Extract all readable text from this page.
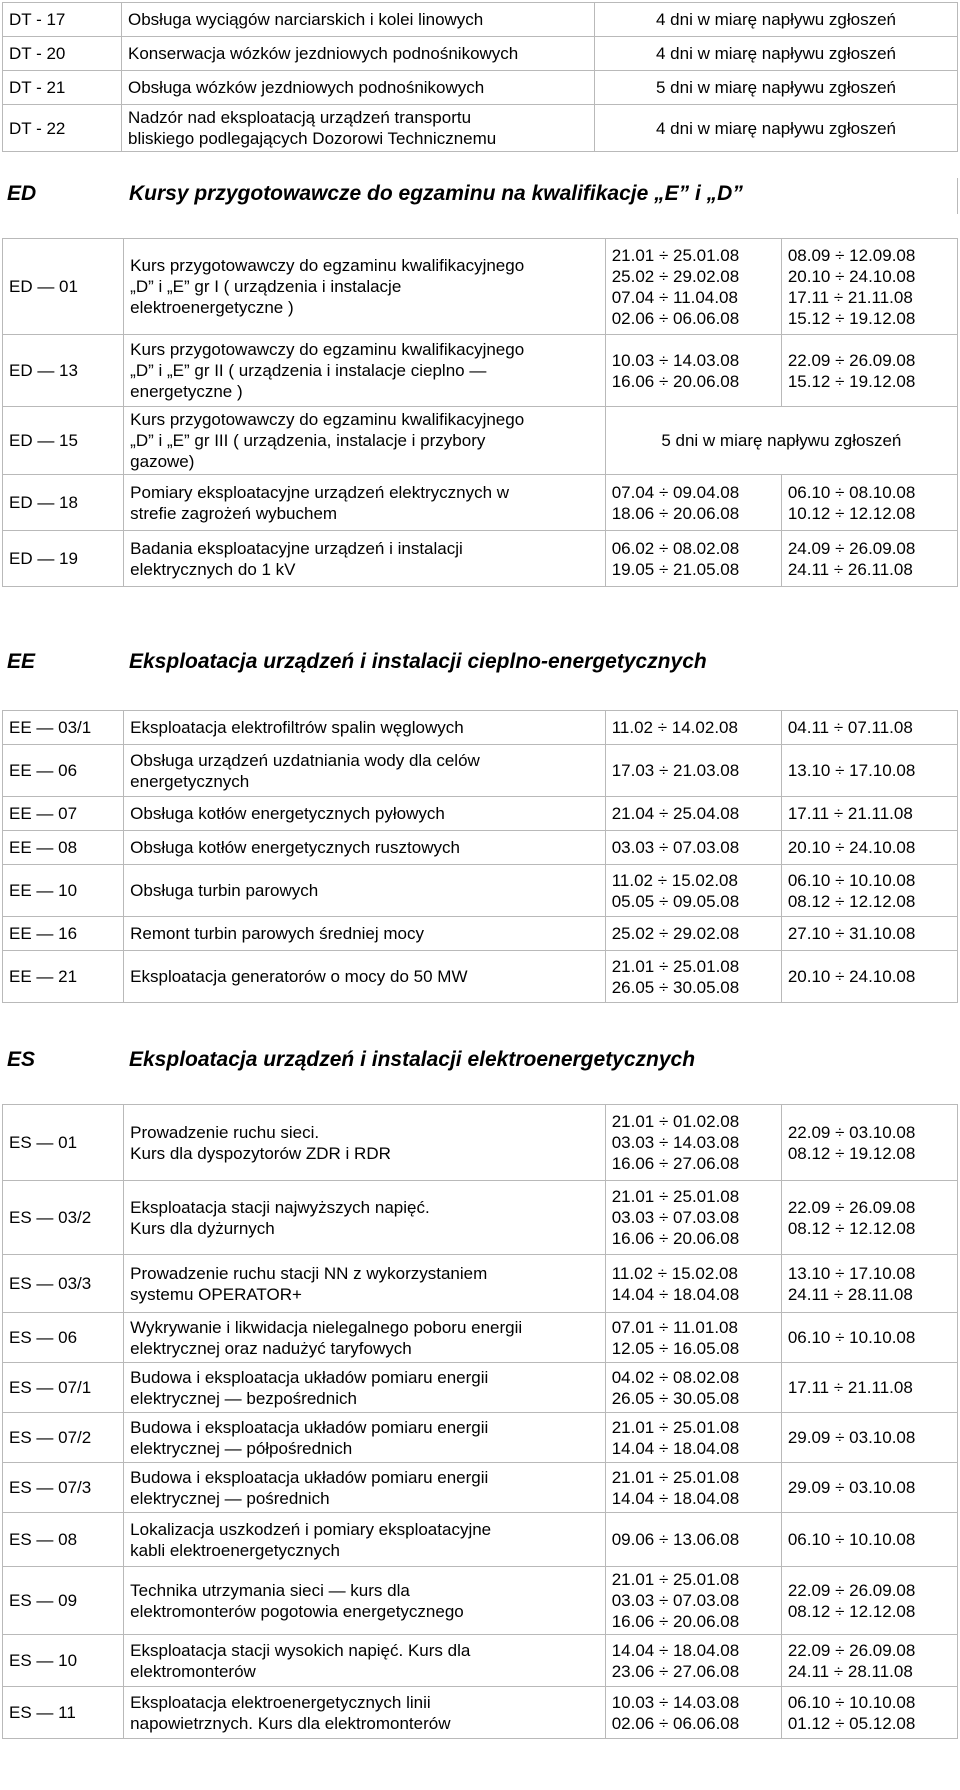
DT - 17	Obsługa wyciągów narciarskich i kolei linowych	4 dni w miarę napływu zgłoszeń
DT - 20	Konserwacja wózków jezdniowych podnośnikowych	4 dni w miarę napływu zgłoszeń
DT - 21	Obsługa wózków jezdniowych podnośnikowych	5 dni w miarę napływu zgłoszeń
DT - 22	Nadzór nad eksploatacją urządzeń transportu
bliskiego podlegających Dozorowi Technicznemu	4 dni w miarę napływu zgłoszeń
ED	Kursy przygotowawcze do egzaminu na kwalifikacje „E” i „D”
ED — 01	Kurs przygotowawczy do egzaminu kwalifikacyjnego
„D” i „E” gr I ( urządzenia i instalacje
elektroenergetyczne )	21.01 ÷ 25.01.08
25.02 ÷ 29.02.08
07.04 ÷ 11.04.08
02.06 ÷ 06.06.08	08.09 ÷ 12.09.08
20.10 ÷ 24.10.08
17.11 ÷ 21.11.08
15.12 ÷ 19.12.08

ED — 13	Kurs przygotowawczy do egzaminu kwalifikacyjnego
„D” i „E” gr II ( urządzenia i instalacje cieplno —
energetyczne )	10.03 ÷ 14.03.08
16.06 ÷ 20.06.08	22.09 ÷ 26.09.08
15.12 ÷ 19.12.08

ED — 15	Kurs przygotowawczy do egzaminu kwalifikacyjnego
„D” i „E” gr III ( urządzenia, instalacje i przybory
gazowe)	5 dni w miarę napływu zgłoszeń	
ED — 18	Pomiary eksploatacyjne urządzeń elektrycznych w
strefie zagrożeń wybuchem	07.04 ÷ 09.04.08
18.06 ÷ 20.06.08	06.10 ÷ 08.10.08
10.12 ÷ 12.12.08

ED — 19	Badania eksploatacyjne urządzeń i instalacji
elektrycznych do 1 kV	06.02 ÷ 08.02.08
19.05 ÷ 21.05.08	24.09 ÷ 26.09.08
24.11 ÷ 26.11.08
EE	Eksploatacja urządzeń i instalacji cieplno-energetycznych
EE — 03/1	Eksploatacja elektrofiltrów spalin węglowych	11.02 ÷ 14.02.08	04.11 ÷ 07.11.08

EE — 06	Obsługa urządzeń uzdatniania wody dla celów
energetycznych	17.03 ÷ 21.03.08	13.10 ÷ 17.10.08

EE — 07	Obsługa kotłów energetycznych pyłowych	21.04 ÷ 25.04.08	17.11 ÷ 21.11.08

EE — 08	Obsługa kotłów energetycznych rusztowych	03.03 ÷ 07.03.08	20.10 ÷ 24.10.08

EE — 10	Obsługa turbin parowych	11.02 ÷ 15.02.08
05.05 ÷ 09.05.08	06.10 ÷ 10.10.08
08.12 ÷ 12.12.08

EE — 16	Remont turbin parowych średniej mocy	25.02 ÷ 29.02.08	27.10 ÷ 31.10.08

EE — 21	Eksploatacja generatorów o mocy do 50 MW	21.01 ÷ 25.01.08
26.05 ÷ 30.05.08	20.10 ÷ 24.10.08
ES	Eksploatacja urządzeń i instalacji elektroenergetycznych
ES — 01	Prowadzenie ruchu sieci.
Kurs dla dyspozytorów ZDR i RDR	21.01 ÷ 01.02.08
03.03 ÷ 14.03.08
16.06 ÷ 27.06.08	22.09 ÷ 03.10.08
08.12 ÷ 19.12.08

ES — 03/2	Eksploatacja stacji najwyższych napięć.
Kurs dla dyżurnych	21.01 ÷ 25.01.08
03.03 ÷ 07.03.08
16.06 ÷ 20.06.08	22.09 ÷ 26.09.08
08.12 ÷ 12.12.08

ES — 03/3	Prowadzenie ruchu stacji NN z wykorzystaniem
systemu OPERATOR+	11.02 ÷ 15.02.08
14.04 ÷ 18.04.08	13.10 ÷ 17.10.08
24.11 ÷ 28.11.08

ES — 06	Wykrywanie i likwidacja nielegalnego poboru energii
elektrycznej oraz nadużyć taryfowych	07.01 ÷ 11.01.08
12.05 ÷ 16.05.08	06.10 ÷ 10.10.08

ES — 07/1	Budowa i eksploatacja układów pomiaru energii
elektrycznej — bezpośrednich	04.02 ÷ 08.02.08
26.05 ÷ 30.05.08	17.11 ÷ 21.11.08

ES — 07/2	Budowa i eksploatacja układów pomiaru energii
elektrycznej — półpośrednich	21.01 ÷ 25.01.08
14.04 ÷ 18.04.08	29.09 ÷ 03.10.08

ES — 07/3	Budowa i eksploatacja układów pomiaru energii
elektrycznej — pośrednich	21.01 ÷ 25.01.08
14.04 ÷ 18.04.08	29.09 ÷ 03.10.08

ES — 08	Lokalizacja uszkodzeń i pomiary eksploatacyjne
kabli elektroenergetycznych	09.06 ÷ 13.06.08	06.10 ÷ 10.10.08

ES — 09	Technika utrzymania sieci — kurs dla
elektromonterów pogotowia energetycznego	21.01 ÷ 25.01.08
03.03 ÷ 07.03.08
16.06 ÷ 20.06.08	22.09 ÷ 26.09.08
08.12 ÷ 12.12.08

ES — 10	Eksploatacja stacji wysokich napięć. Kurs dla
elektromonterów	14.04 ÷ 18.04.08
23.06 ÷ 27.06.08	22.09 ÷ 26.09.08
24.11 ÷ 28.11.08

ES — 11	Eksploatacja elektroenergetycznych linii
napowietrznych. Kurs dla elektromonterów	10.03 ÷ 14.03.08
02.06 ÷ 06.06.08	06.10 ÷ 10.10.08
01.12 ÷ 05.12.08
